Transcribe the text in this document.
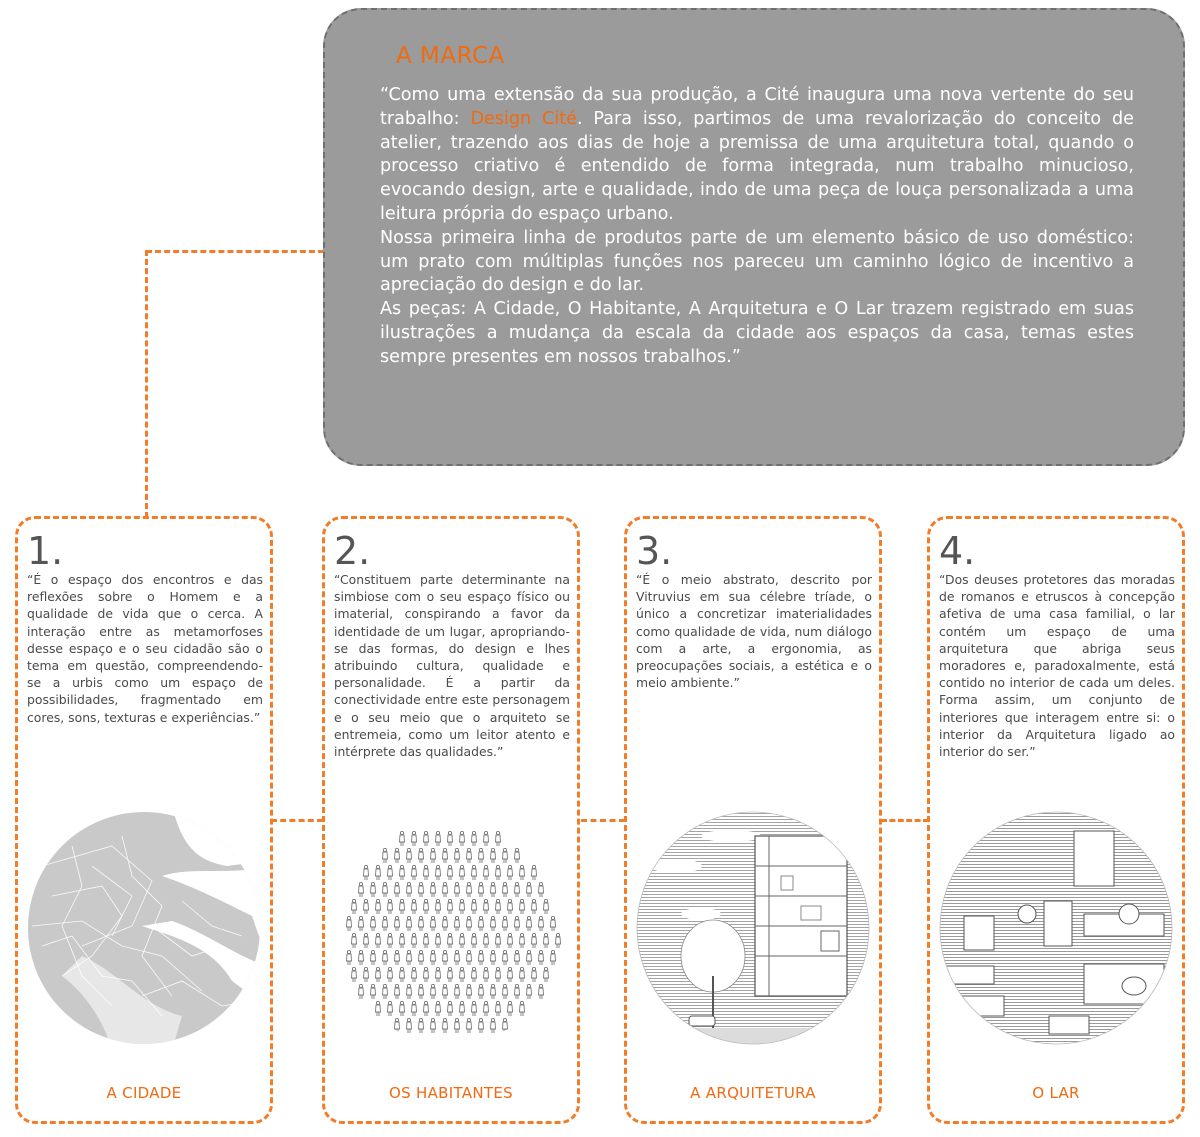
A MARCA

“Como uma extensão da sua produção, a Cité inaugura uma nova vertente do seu trabalho: Design Cité. Para isso, partimos de uma revalorização do conceito de atelier, trazendo aos dias de hoje a premissa de uma arquitetura total, quando o processo criativo é entendido de forma integrada, num trabalho minucioso, evocando design, arte e qualidade, indo de uma peça de louça personalizada a uma leitura própria do espaço urbano.

Nossa primeira linha de produtos parte de um elemento básico de uso doméstico: um prato com múltiplas funções nos pareceu um caminho lógico de incentivo a apreciação do design e do lar.

As peças: A Cidade, O Habitante, A Arquitetura e O Lar trazem registrado em suas ilustrações a mudança da escala da cidade aos espaços da casa, temas estes sempre presentes em nossos trabalhos.”

1.

“É o espaço dos encontros e das reflexões sobre o Homem e a qualidade de vida que o cerca. A interação entre as metamorfoses desse espaço e o seu cidadão são o tema em questão, compreendendo-se a urbis como um espaço de possibilidades, fragmentado em cores, sons, texturas e experiências.”

A CIDADE

2.

“Constituem parte determinante na simbiose com o seu espaço físico ou imaterial, conspirando a favor da identidade de um lugar, apropriando-se das formas, do design e lhes atribuindo cultura, qualidade e personalidade. É a partir da conectividade entre este personagem e o seu meio que o arquiteto se entremeia, como um leitor atento e intérprete das qualidades.”

OS HABITANTES

3.

“É o meio abstrato, descrito por Vitruvius em sua célebre tríade, o único a concretizar imaterialidades como qualidade de vida, num diálogo com a arte, a ergonomia, as preocupações sociais, a estética e o meio ambiente.”

A ARQUITETURA

4.

“Dos deuses protetores das moradas de romanos e etruscos à concepção afetiva de uma casa familial, o lar contém um espaço de uma arquitetura que abriga seus moradores e, paradoxalmente, está contido no interior de cada um deles. Forma assim, um conjunto de interiores que interagem entre si: o interior da Arquitetura ligado ao interior do ser.”

O LAR
